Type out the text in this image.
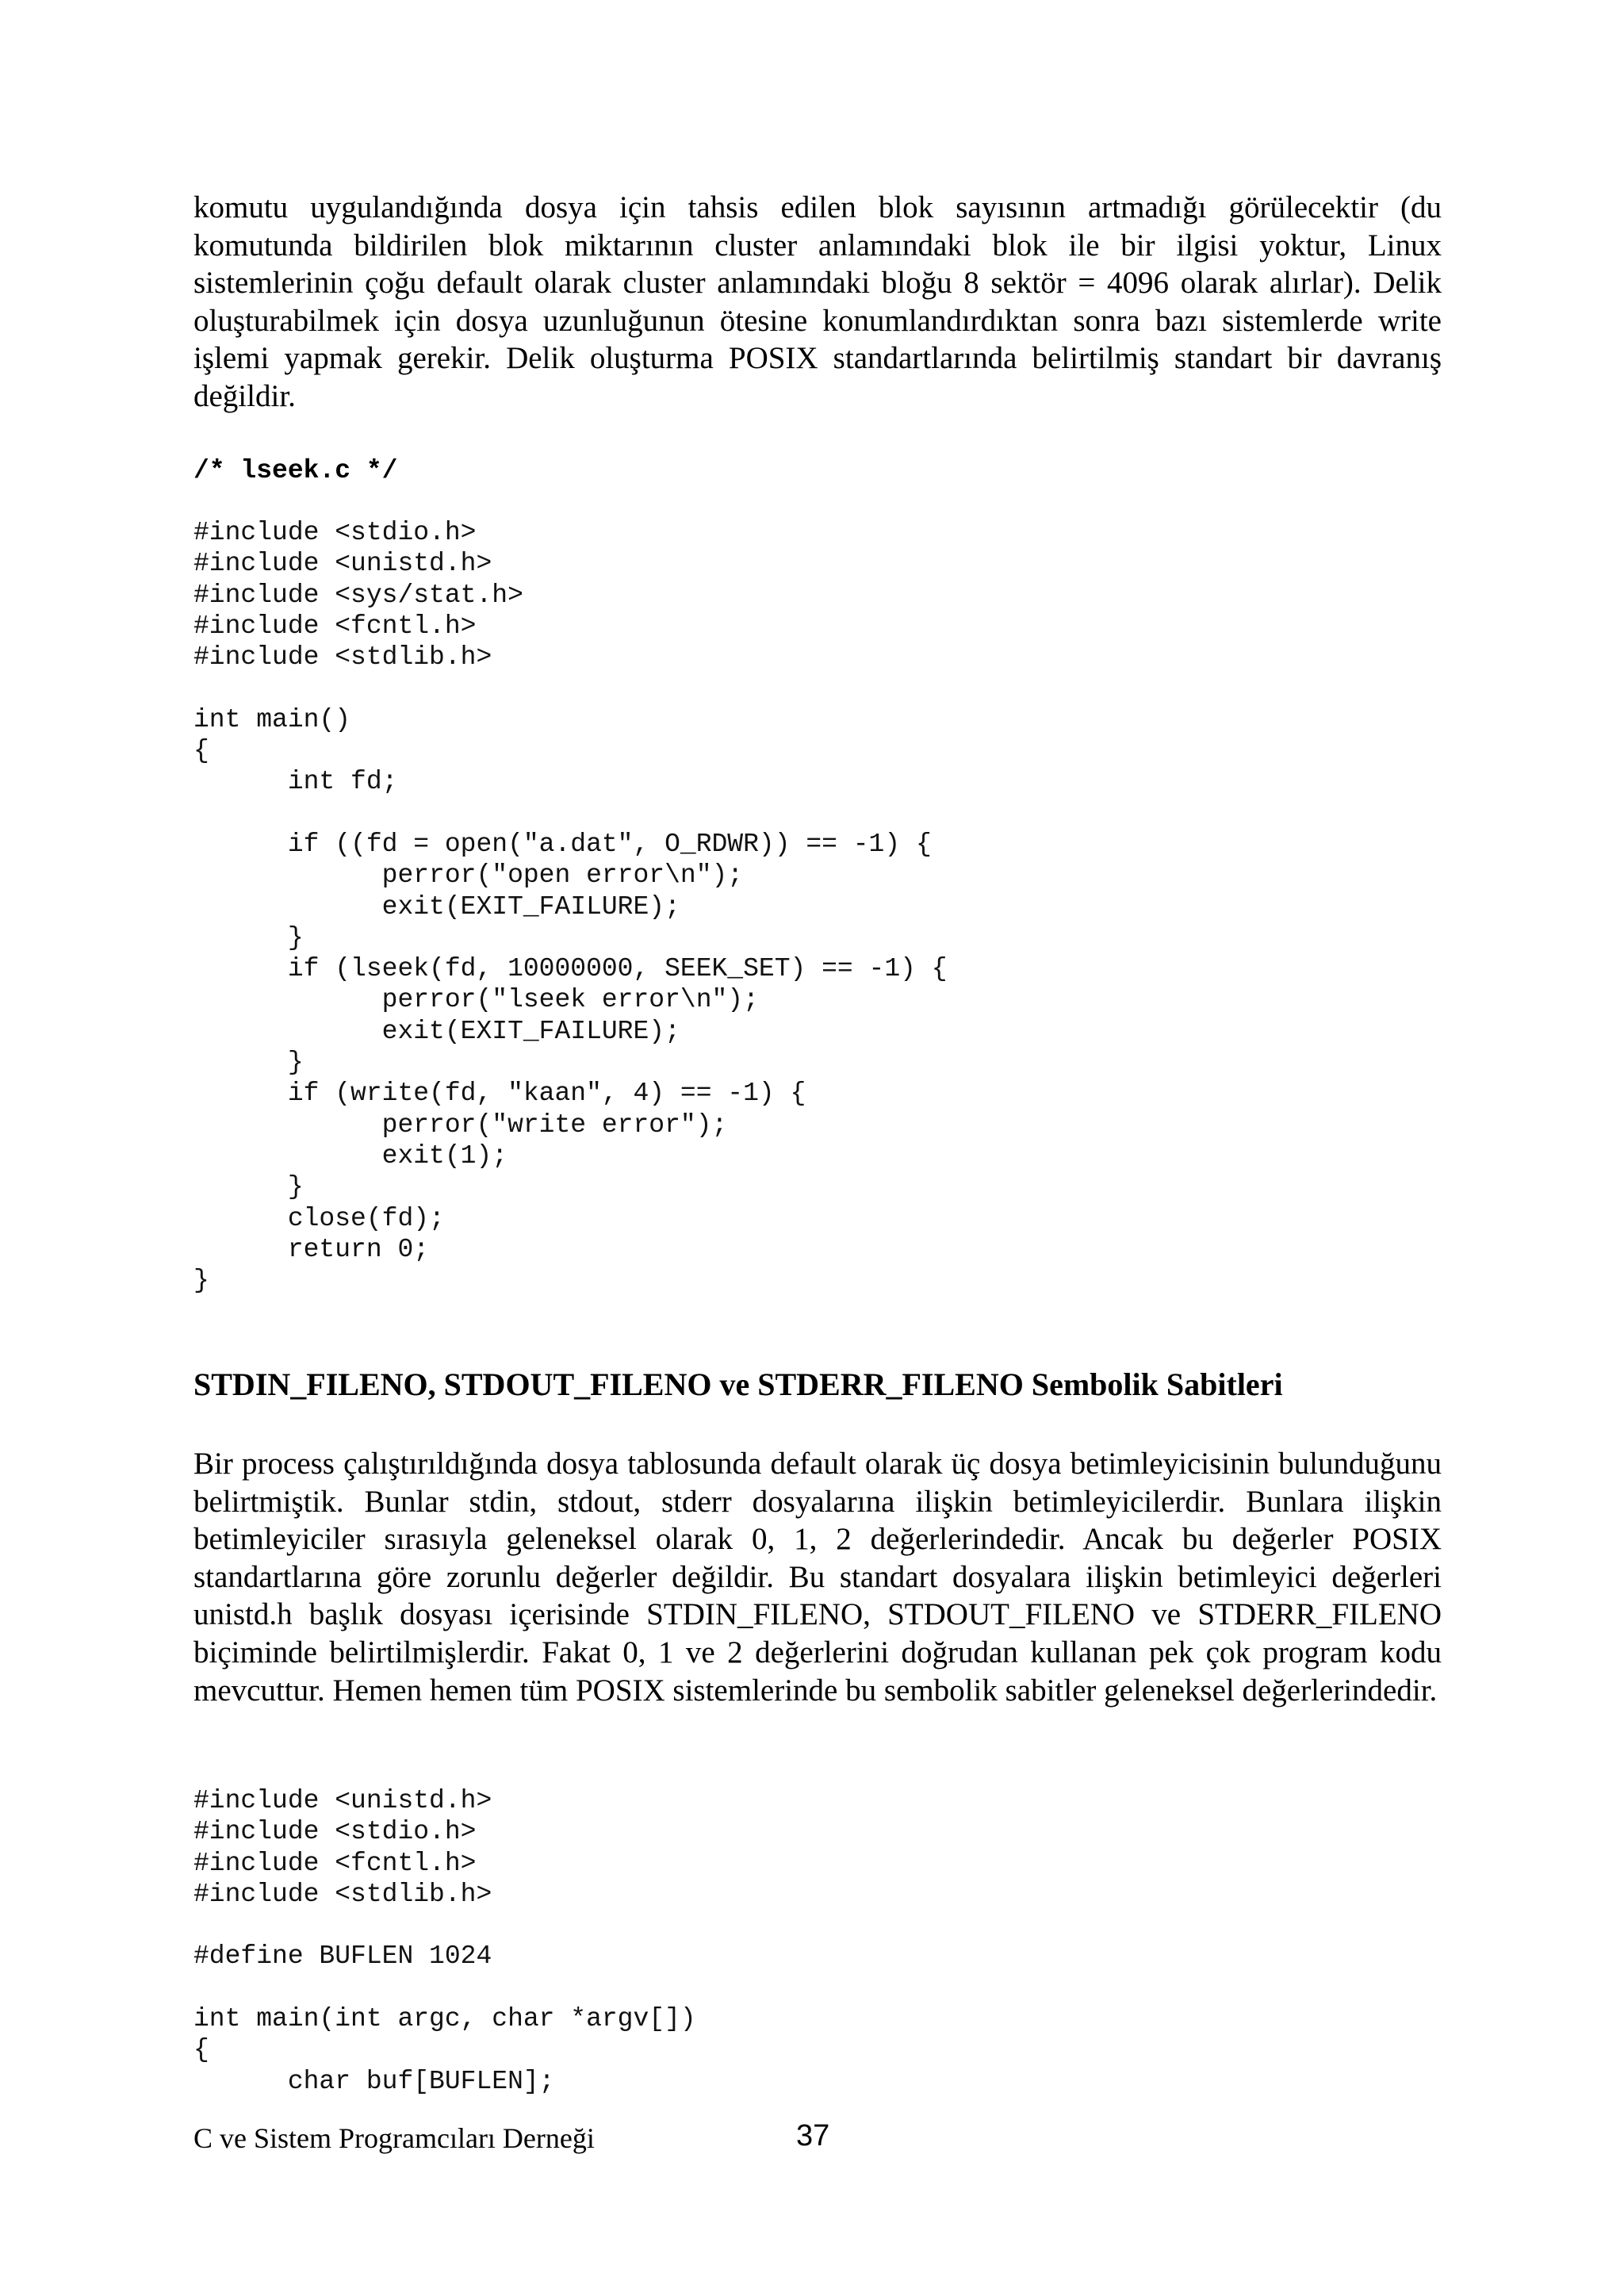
komutu uygulandığında dosya için tahsis edilen blok sayısının artmadığı görülecektir (du komutunda bildirilen blok miktarının cluster anlamındaki blok ile bir ilgisi yoktur, Linux sistemlerinin çoğu default olarak cluster anlamındaki bloğu 8 sektör = 4096 olarak alırlar). Delik oluşturabilmek için dosya uzunluğunun ötesine konumlandırdıktan sonra bazı sistemlerde write işlemi yapmak gerekir. Delik oluşturma POSIX standartlarında belirtilmiş standart bir davranış değildir.

/* lseek.c */
#include <stdio.h>
#include <unistd.h>
#include <sys/stat.h>
#include <fcntl.h>
#include <stdlib.h>

int main()
{
int fd;

if ((fd = open("a.dat", O_RDWR)) == -1) {
perror("open error\n");
exit(EXIT_FAILURE);
}
if (lseek(fd, 10000000, SEEK_SET) == -1) {
perror("lseek error\n");
exit(EXIT_FAILURE);
}
if (write(fd, "kaan", 4) == -1) {
perror("write error");
exit(1);
}
close(fd);
return 0;
}
STDIN_FILENO, STDOUT_FILENO ve STDERR_FILENO Sembolik Sabitleri

Bir process çalıştırıldığında dosya tablosunda default olarak üç dosya betimleyicisinin bulunduğunu belirtmiştik. Bunlar stdin, stdout, stderr dosyalarına ilişkin betimleyicilerdir. Bunlara ilişkin betimleyiciler sırasıyla geleneksel olarak 0, 1, 2 değerlerindedir. Ancak bu değerler POSIX standartlarına göre zorunlu değerler değildir. Bu standart dosyalara ilişkin betimleyici değerleri unistd.h başlık dosyası içerisinde STDIN_FILENO, STDOUT_FILENO ve STDERR_FILENO biçiminde belirtilmişlerdir. Fakat 0, 1 ve 2 değerlerini doğrudan kullanan pek çok program kodu mevcuttur. Hemen hemen tüm POSIX sistemlerinde bu sembolik sabitler geleneksel değerlerindedir.

#include <unistd.h>
#include <stdio.h>
#include <fcntl.h>
#include <stdlib.h>

#define BUFLEN 1024

int main(int argc, char *argv[])
{
char buf[BUFLEN];
C ve Sistem Programcıları Derneği	37
